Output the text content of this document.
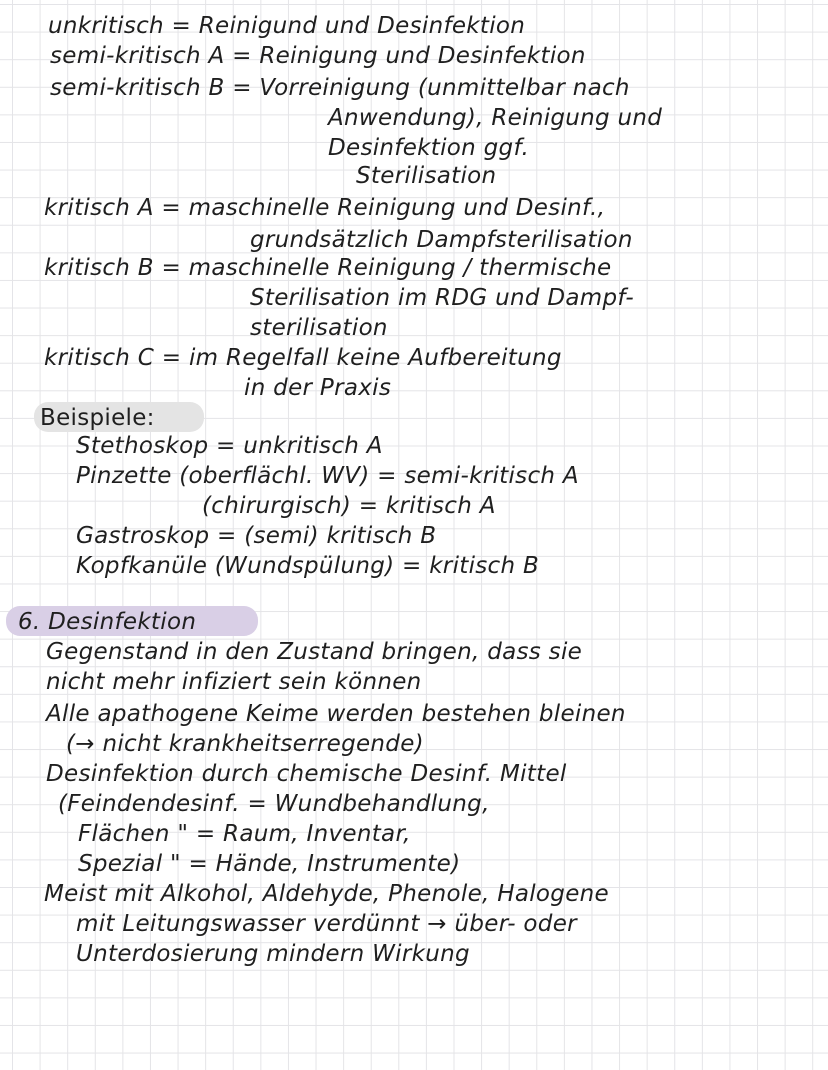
unkritisch = Reinigund und Desinfektion
semi-kritisch A = Reinigung und Desinfektion
semi-kritisch B = Vorreinigung (unmittelbar nach
Anwendung), Reinigung und
Desinfektion ggf.
Sterilisation
kritisch A = maschinelle Reinigung und Desinf.,
grundsätzlich Dampfsterilisation
kritisch B = maschinelle Reinigung / thermische
Sterilisation im RDG und Dampf-
sterilisation
kritisch C = im Regelfall keine Aufbereitung
in der Praxis
Beispiele:
Stethoskop = unkritisch A
Pinzette (oberflächl. WV) = semi-kritisch A
(chirurgisch) = kritisch A
Gastroskop = (semi) kritisch B
Kopfkanüle (Wundspülung) = kritisch B
6. Desinfektion
Gegenstand in den Zustand bringen, dass sie
nicht mehr infiziert sein können
Alle apathogene Keime werden bestehen bleinen
(→ nicht krankheitserregende)
Desinfektion durch chemische Desinf. Mittel
(Feindendesinf. = Wundbehandlung,
Flächen " = Raum, Inventar,
Spezial " = Hände, Instrumente)
Meist mit Alkohol, Aldehyde, Phenole, Halogene
mit Leitungswasser verdünnt → über- oder
Unterdosierung mindern Wirkung
